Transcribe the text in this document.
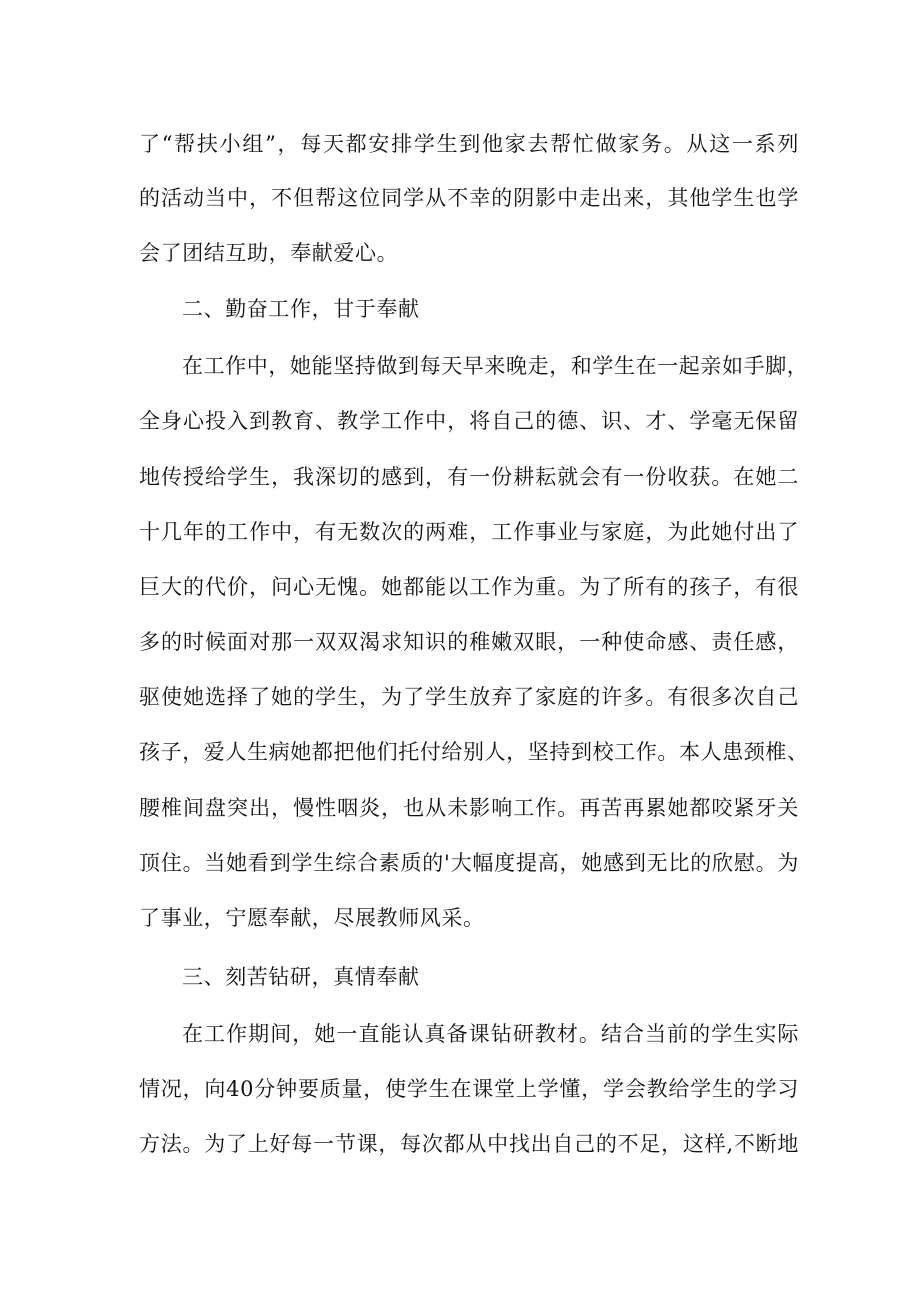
了“帮扶小组”，每天都安排学生到他家去帮忙做家务。从这一系列
的活动当中，不但帮这位同学从不幸的阴影中走出来，其他学生也学
会了团结互助，奉献爱心。
二、勤奋工作，甘于奉献
在工作中，她能坚持做到每天早来晚走，和学生在一起亲如手脚，
全身心投入到教育、教学工作中，将自己的德、识、才、学毫无保留
地传授给学生，我深切的感到，有一份耕耘就会有一份收获。在她二
十几年的工作中，有无数次的两难，工作事业与家庭，为此她付出了
巨大的代价，问心无愧。她都能以工作为重。为了所有的孩子，有很
多的时候面对那一双双渴求知识的稚嫩双眼，一种使命感、责任感，
驱使她选择了她的学生，为了学生放弃了家庭的许多。有很多次自己
孩子，爱人生病她都把他们托付给别人，坚持到校工作。本人患颈椎、
腰椎间盘突出，慢性咽炎，也从未影响工作。再苦再累她都咬紧牙关
顶住。当她看到学生综合素质的'大幅度提高，她感到无比的欣慰。为
了事业，宁愿奉献，尽展教师风采。
三、刻苦钻研，真情奉献
在工作期间，她一直能认真备课钻研教材。结合当前的学生实际
情况，向40分钟要质量，使学生在课堂上学懂，学会教给学生的学习
方法。为了上好每一节课，每次都从中找出自己的不足，这样,不断地
